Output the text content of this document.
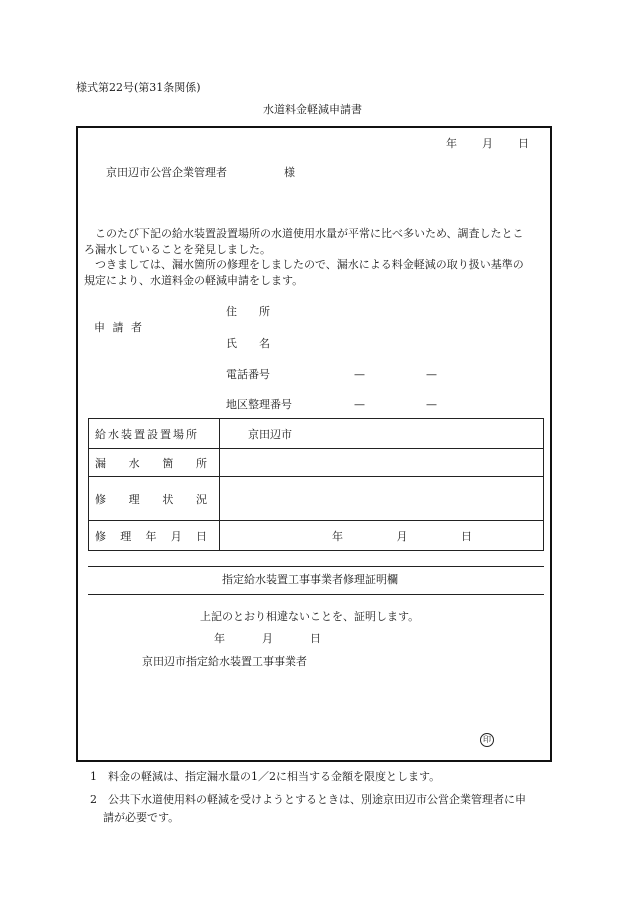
様式第22号(第31条関係)
水道料金軽減申請書
年 月 日
京田辺市公営企業管理者	様
このたび下記の給水装置設置場所の水道使用水量が平常に比べ多いため、調査したとこ
ろ漏水していることを発見しました。
つきましては、漏水箇所の修理をしましたので、漏水による料金軽減の取り扱い基準の
規定により、水道料金の軽減申請をします。
申 請 者
住　　所
氏　　名
電話番号	—	—
地区整理番号	—	—
給水装置設置場所	京田辺市

漏 水 箇 所	

修 理 状 況	

修 理 年 月 日	年 月 日
指定給水装置工事事業者修理証明欄
上記のとおり相違ないことを、証明します。
年	月	日
京田辺市指定給水装置工事事業者
印
1　料金の軽減は、指定漏水量の1／2に相当する金額を限度とします。
2　公共下水道使用料の軽減を受けようとするときは、別途京田辺市公営企業管理者に申
請が必要です。
